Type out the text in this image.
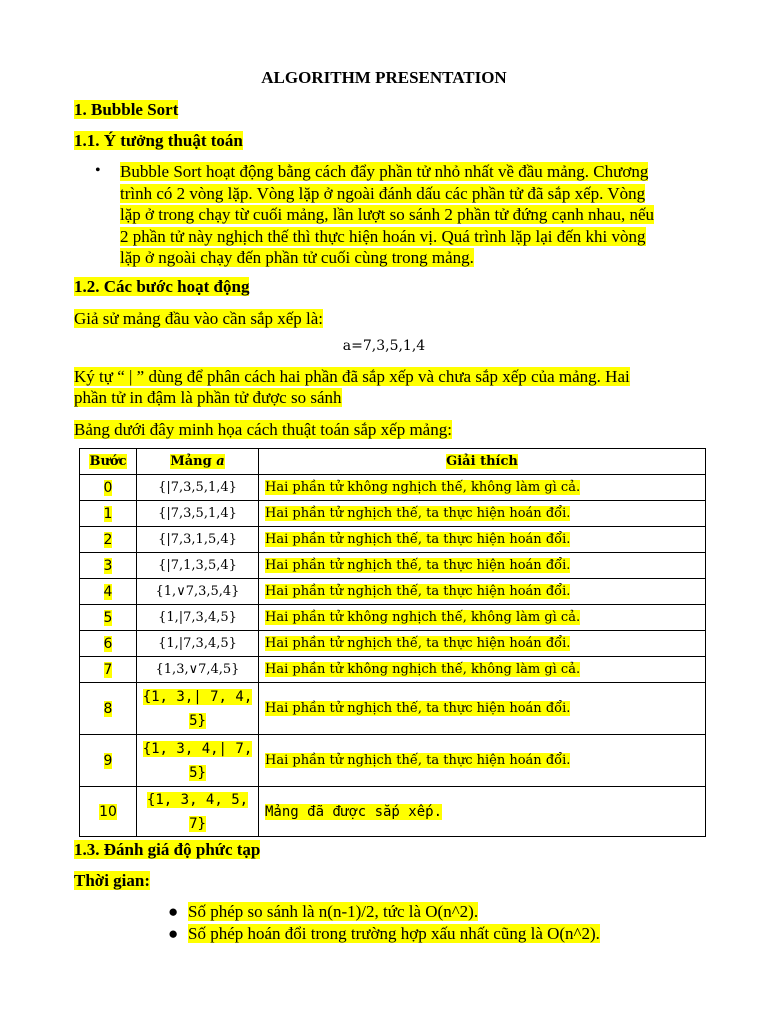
ALGORITHM PRESENTATION
1. Bubble Sort
1.1. Ý tưởng thuật toán
• Bubble Sort hoạt động bằng cách đẩy phần tử nhỏ nhất về đầu mảng. Chương
trình có 2 vòng lặp. Vòng lặp ở ngoài đánh dấu các phần tử đã sắp xếp. Vòng
lặp ở trong chạy từ cuối mảng, lần lượt so sánh 2 phần tử đứng cạnh nhau, nếu
2 phần tử này nghịch thế thì thực hiện hoán vị. Quá trình lặp lại đến khi vòng
lặp ở ngoài chạy đến phần tử cuối cùng trong mảng.
1.2. Các bước hoạt động
Giả sử mảng đầu vào cần sắp xếp là:
a=7,3,5,1,4
Ký tự “ | ” dùng để phân cách hai phần đã sắp xếp và chưa sắp xếp của mảng. Hai
phần tử in đậm là phần tử được so sánh
Bảng dưới đây minh họa cách thuật toán sắp xếp mảng:
Bước	Mảng a	Giải thích
0	{|7,3,5,1,4}	Hai phần tử không nghịch thế, không làm gì cả.
1	{|7,3,5,1,4}	Hai phần tử nghịch thế, ta thực hiện hoán đổi.
2	{|7,3,1,5,4}	Hai phần tử nghịch thế, ta thực hiện hoán đổi.
3	{|7,1,3,5,4}	Hai phần tử nghịch thế, ta thực hiện hoán đổi.
4	{1,∨7,3,5,4}	Hai phần tử nghịch thế, ta thực hiện hoán đổi.
5	{1,|7,3,4,5}	Hai phần tử không nghịch thế, không làm gì cả.
6	{1,|7,3,4,5}	Hai phần tử nghịch thế, ta thực hiện hoán đổi.
7	{1,3,∨7,4,5}	Hai phần tử không nghịch thế, không làm gì cả.
8	{1, 3,| 7, 4,
5}	Hai phần tử nghịch thế, ta thực hiện hoán đổi.
9	{1, 3, 4,| 7,
5}	Hai phần tử nghịch thế, ta thực hiện hoán đổi.
10	{1, 3, 4, 5,
7}	Mảng đã được sắp xếp.
1.3. Đánh giá độ phức tạp
Thời gian:
● Số phép so sánh là n(n-1)/2, tức là O(n^2).
● Số phép hoán đổi trong trường hợp xấu nhất cũng là O(n^2).
